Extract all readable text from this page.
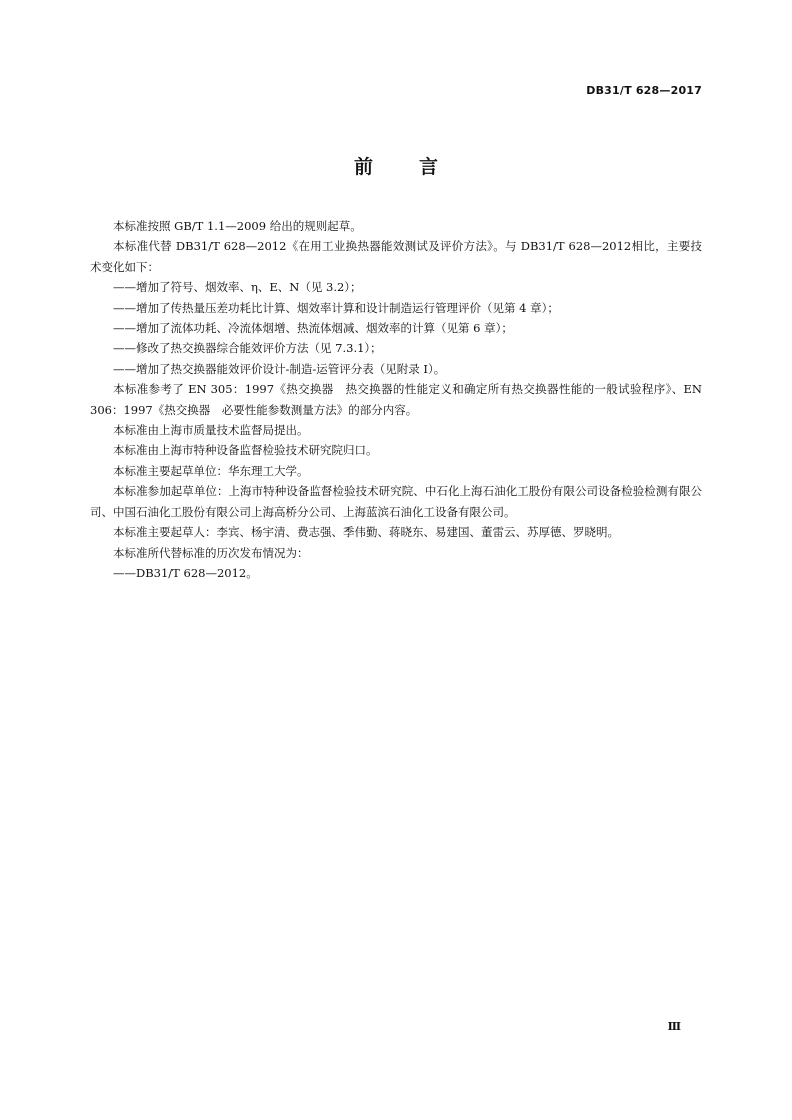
DB31/T 628—2017
前言

本标准按照 GB/T 1.1—2009 给出的规则起草。

本标准代替 DB31/T 628—2012《在用工业换热器能效测试及评价方法》。与 DB31/T 628—2012相比，主要技术变化如下：

——增加了符号、烟效率、η、E、N（见 3.2）；

——增加了传热量压差功耗比计算、烟效率计算和设计制造运行管理评价（见第 4 章）；

——增加了流体功耗、冷流体烟增、热流体烟减、烟效率的计算（见第 6 章）；

——修改了热交换器综合能效评价方法（见 7.3.1）；

——增加了热交换器能效评价设计-制造-运管评分表（见附录 I）。

本标准参考了 EN 305：1997《热交换器　热交换器的性能定义和确定所有热交换器性能的一般试验程序》、EN 306：1997《热交换器　必要性能参数测量方法》的部分内容。

本标准由上海市质量技术监督局提出。

本标准由上海市特种设备监督检验技术研究院归口。

本标准主要起草单位：华东理工大学。

本标准参加起草单位：上海市特种设备监督检验技术研究院、中石化上海石油化工股份有限公司设备检验检测有限公司、中国石油化工股份有限公司上海高桥分公司、上海蓝滨石油化工设备有限公司。

本标准主要起草人：李宾、杨宇清、费志强、季伟勤、蒋晓东、易建国、董雷云、苏厚德、罗晓明。

本标准所代替标准的历次发布情况为：

——DB31/T 628—2012。

Ⅲ
